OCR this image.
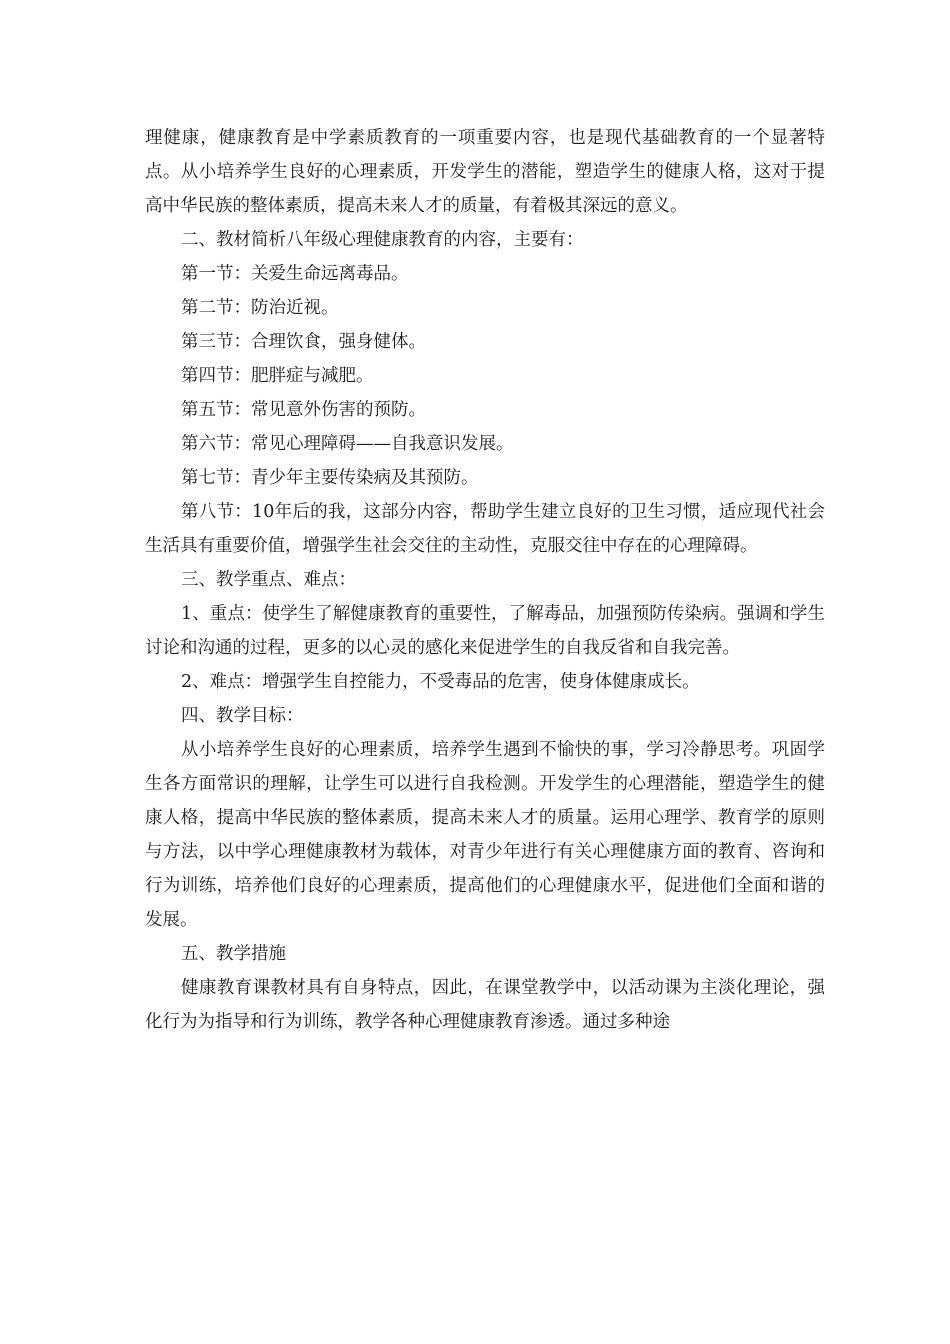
理健康，健康教育是中学素质教育的一项重要内容，也是现代基础教育的一个显著特点。从小培养学生良好的心理素质，开发学生的潜能，塑造学生的健康人格，这对于提高中华民族的整体素质，提高未来人才的质量，有着极其深远的意义。

二、教材简析八年级心理健康教育的内容，主要有：

第一节：关爱生命远离毒品。

第二节：防治近视。

第三节：合理饮食，强身健体。

第四节：肥胖症与减肥。

第五节：常见意外伤害的预防。

第六节：常见心理障碍——自我意识发展。

第七节：青少年主要传染病及其预防。

第八节：10年后的我，这部分内容，帮助学生建立良好的卫生习惯，适应现代社会生活具有重要价值，增强学生社会交往的主动性，克服交往中存在的心理障碍。

三、教学重点、难点：

1、重点：使学生了解健康教育的重要性，了解毒品，加强预防传染病。强调和学生讨论和沟通的过程，更多的以心灵的感化来促进学生的自我反省和自我完善。

2、难点：增强学生自控能力，不受毒品的危害，使身体健康成长。

四、教学目标：

从小培养学生良好的心理素质，培养学生遇到不愉快的事，学习冷静思考。巩固学生各方面常识的理解，让学生可以进行自我检测。开发学生的心理潜能，塑造学生的健康人格，提高中华民族的整体素质，提高未来人才的质量。运用心理学、教育学的原则与方法，以中学心理健康教材为载体，对青少年进行有关心理健康方面的教育、咨询和行为训练，培养他们良好的心理素质，提高他们的心理健康水平，促进他们全面和谐的发展。

五、教学措施

健康教育课教材具有自身特点，因此，在课堂教学中，以活动课为主淡化理论，强化行为为指导和行为训练，教学各种心理健康教育渗透。通过多种途
